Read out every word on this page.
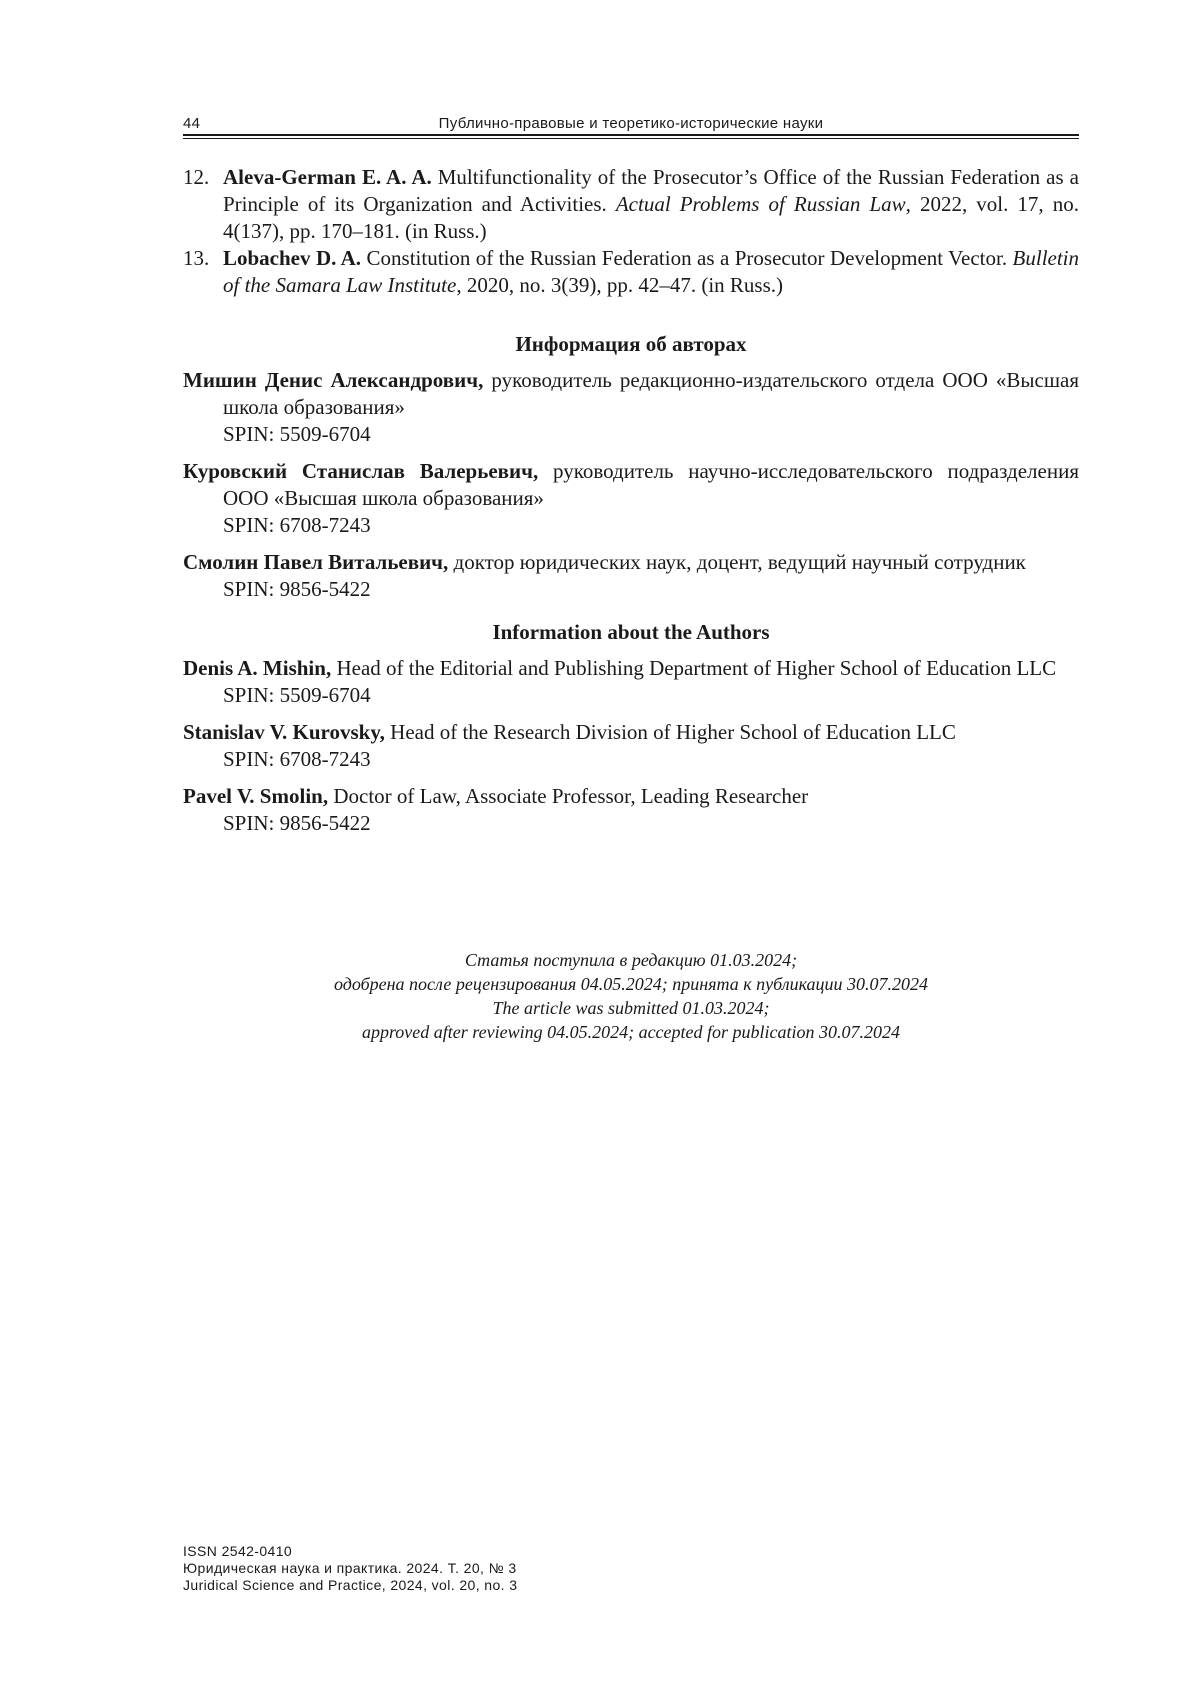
44	Публично-правовые и теоретико-исторические науки
12. Aleva-German E. A. A. Multifunctionality of the Prosecutor’s Office of the Russian Federation as a Principle of its Organization and Activities. Actual Problems of Russian Law, 2022, vol. 17, no. 4(137), pp. 170–181. (in Russ.)
13. Lobachev D. A. Constitution of the Russian Federation as a Prosecutor Development Vector. Bulletin of the Samara Law Institute, 2020, no. 3(39), pp. 42–47. (in Russ.)
Информация об авторах
Мишин Денис Александрович, руководитель редакционно-издательского отдела ООО «Высшая школа образования»
SPIN: 5509-6704
Куровский Станислав Валерьевич, руководитель научно-исследовательского подразделения ООО «Высшая школа образования»
SPIN: 6708-7243
Смолин Павел Витальевич, доктор юридических наук, доцент, ведущий научный сотрудник
SPIN: 9856-5422
Information about the Authors
Denis A. Mishin, Head of the Editorial and Publishing Department of Higher School of Education LLC
SPIN: 5509-6704
Stanislav V. Kurovsky, Head of the Research Division of Higher School of Education LLC
SPIN: 6708-7243
Pavel V. Smolin, Doctor of Law, Associate Professor, Leading Researcher
SPIN: 9856-5422
Статья поступила в редакцию 01.03.2024;
одобрена после рецензирования 04.05.2024; принята к публикации 30.07.2024
The article was submitted 01.03.2024;
approved after reviewing 04.05.2024; accepted for publication 30.07.2024
ISSN 2542-0410
Юридическая наука и практика. 2024. Т. 20, № 3
Juridical Science and Practice, 2024, vol. 20, no. 3
